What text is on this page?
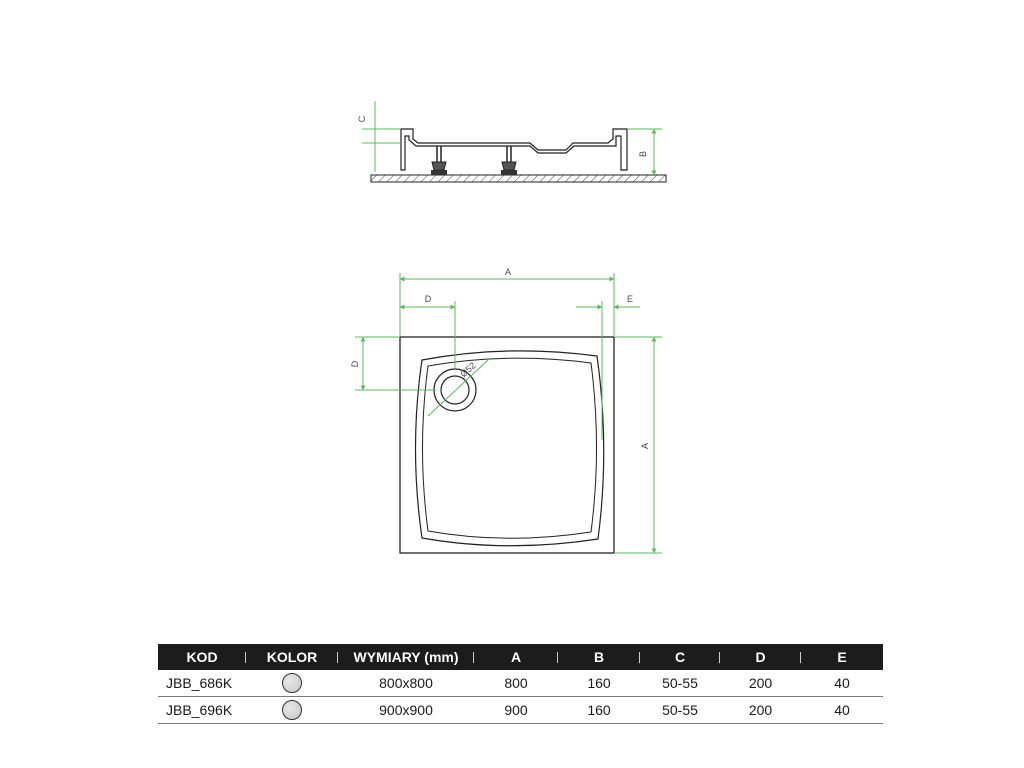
C
B
Ø52
A
D	E
D
A
KOD	KOLOR	WYMIARY (mm)	A	B	C	D	E
JBB_686K		800x800	800	160	50-55	200	40
JBB_696K		900x900	900	160	50-55	200	40
